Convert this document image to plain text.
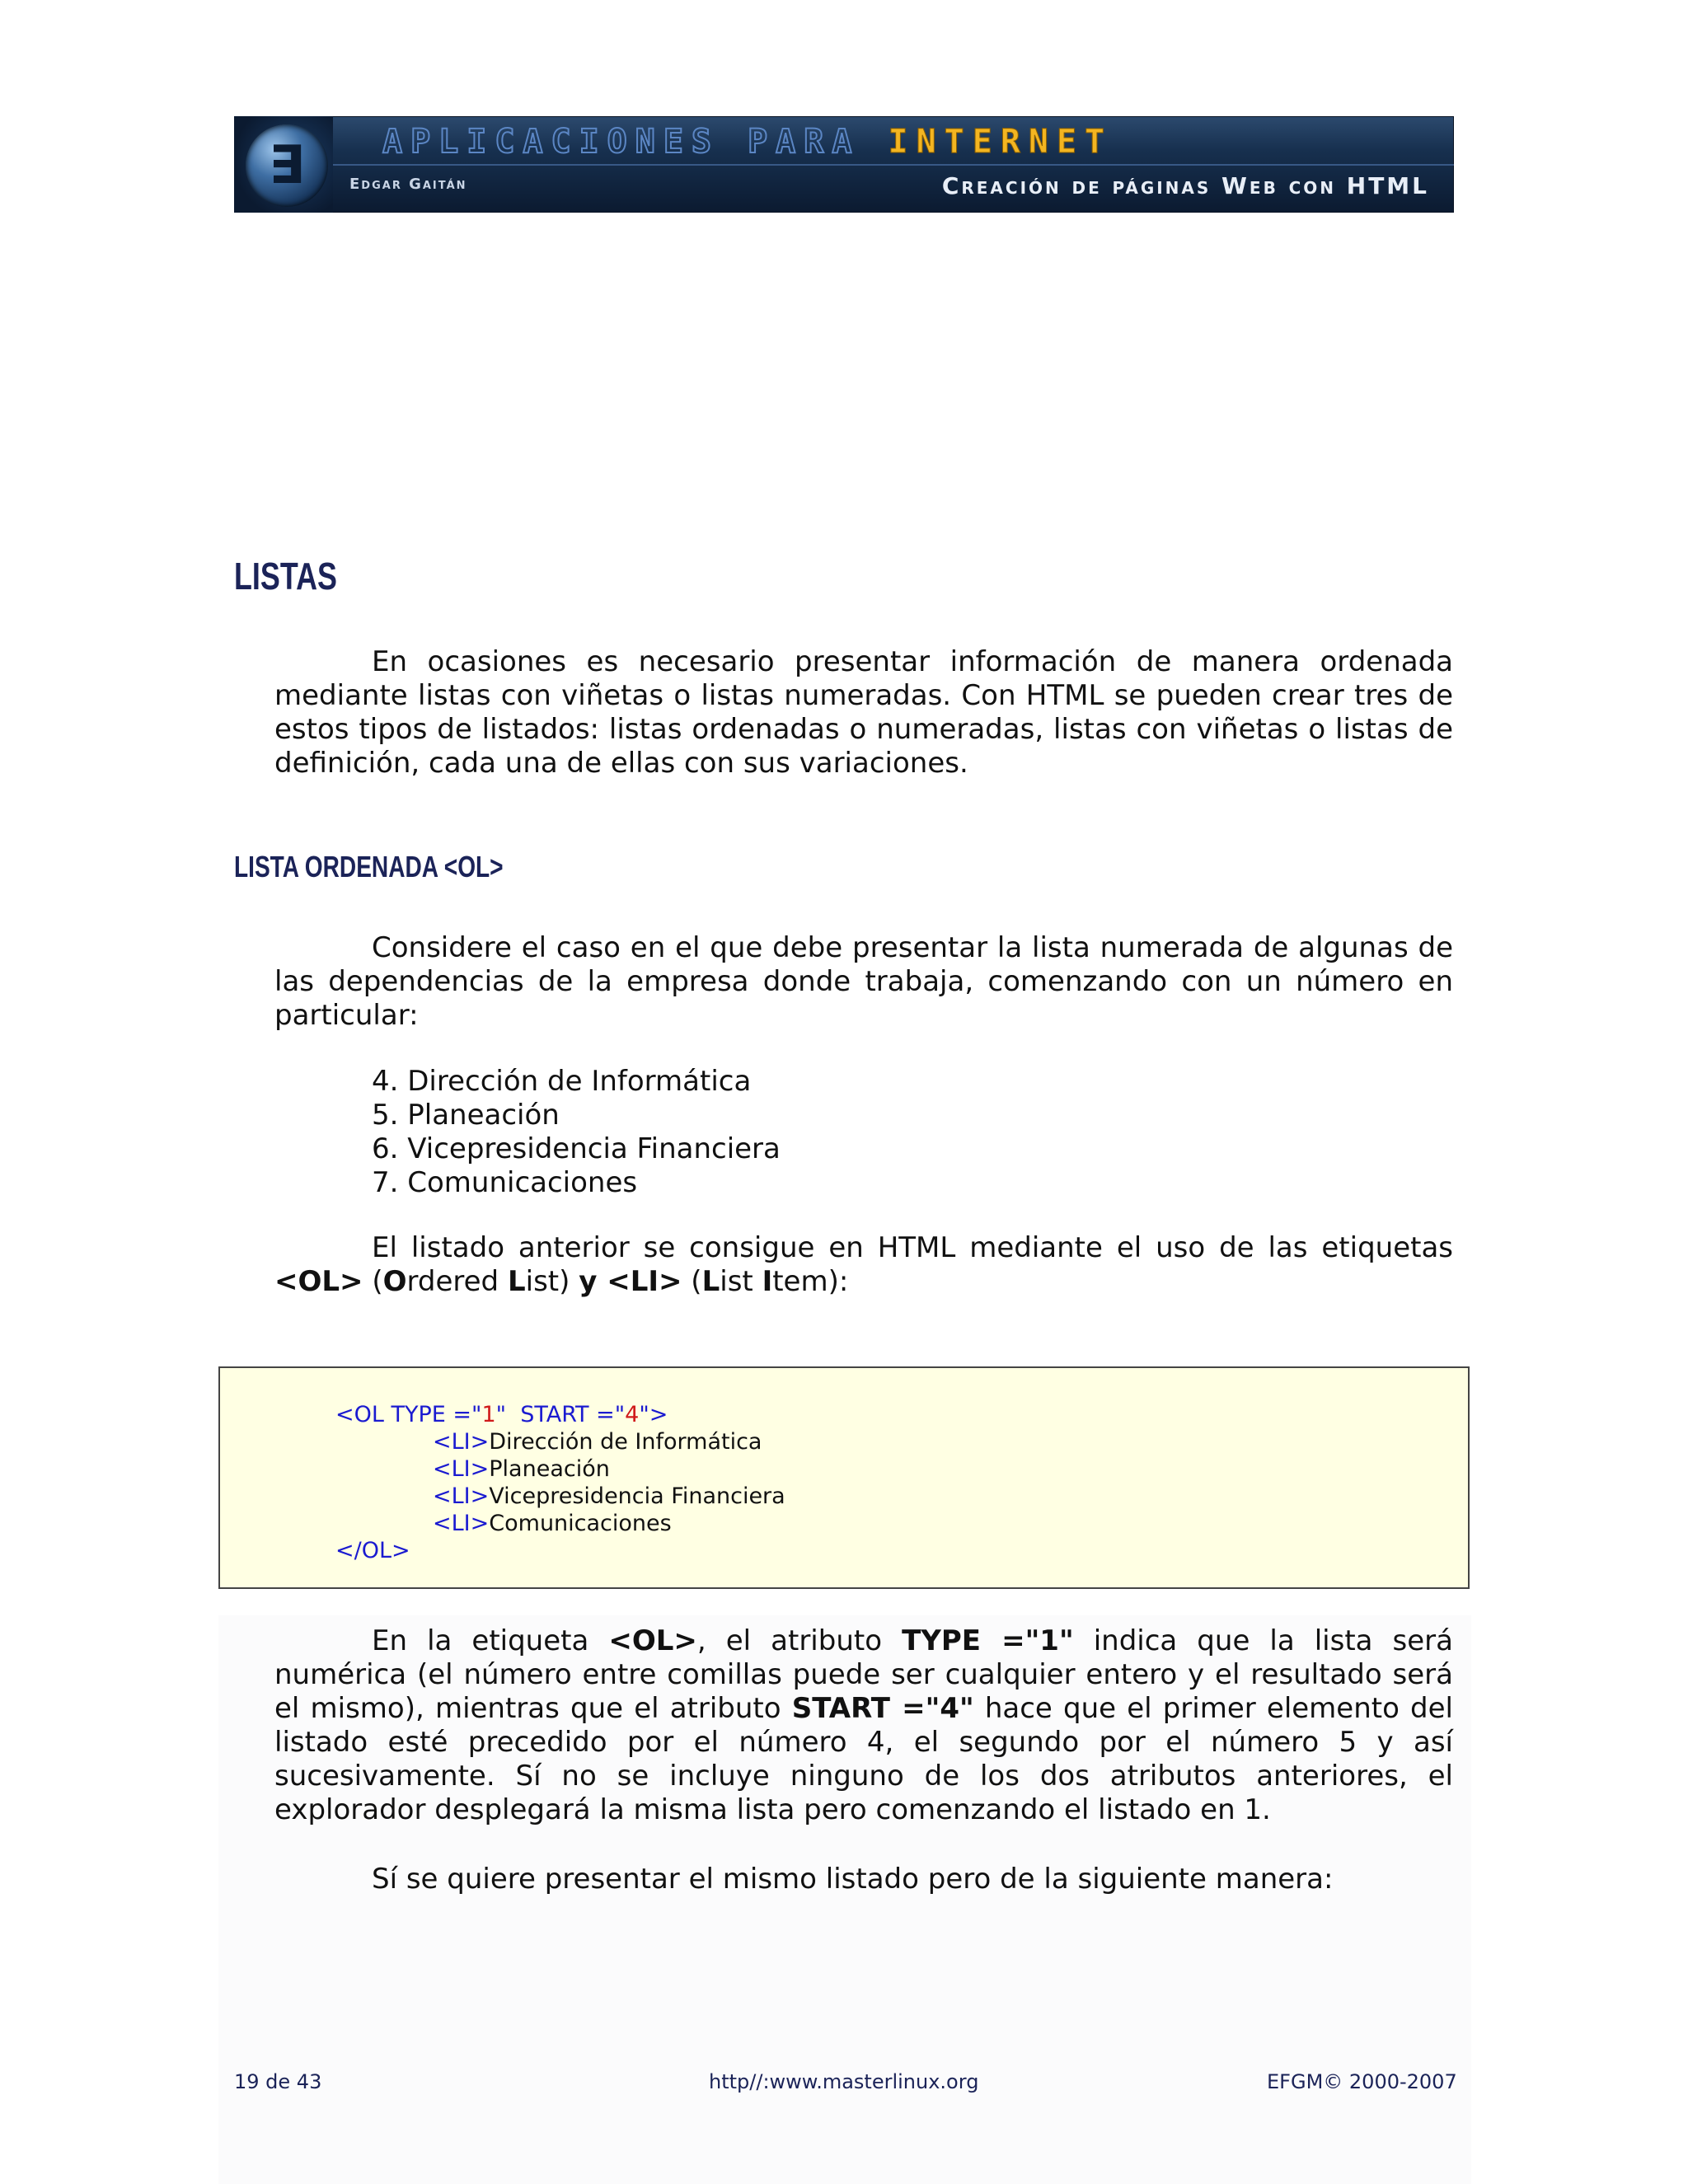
∃	APLICACIONES PARA INTERNET
Edgar Gaitán	Creación de páginas Web con HTML
LISTAS
En ocasiones es necesario presentar información de manera ordenada mediante listas con viñetas o listas numeradas. Con HTML se pueden crear tres de estos tipos de listados: listas ordenadas o numeradas, listas con viñetas o listas de definición, cada una de ellas con sus variaciones.
LISTA ORDENADA <OL>
Considere el caso en el que debe presentar la lista numerada de algunas de las dependencias de la empresa donde trabaja, comenzando con un número en particular:
4. Dirección de Informática
5. Planeación
6. Vicepresidencia Financiera
7. Comunicaciones
El listado anterior se consigue en HTML mediante el uso de las etiquetas <OL> (Ordered List) y <LI> (List Item):
<OL TYPE ="1"  START ="4">
<LI>Dirección de Informática
<LI>Planeación
<LI>Vicepresidencia Financiera
<LI>Comunicaciones
</OL>
En la etiqueta <OL>, el atributo TYPE ="1" indica que la lista será numérica (el número entre comillas puede ser cualquier entero y el resultado será el mismo), mientras que el atributo START ="4" hace que el primer elemento del listado esté precedido por el número 4, el segundo por el número 5 y así sucesivamente. Sí no se incluye ninguno de los dos atributos anteriores, el explorador desplegará la misma lista pero comenzando el listado en 1.
Sí se quiere presentar el mismo listado pero de la siguiente manera:
19 de 43	http//:www.masterlinux.org	EFGM© 2000-2007
